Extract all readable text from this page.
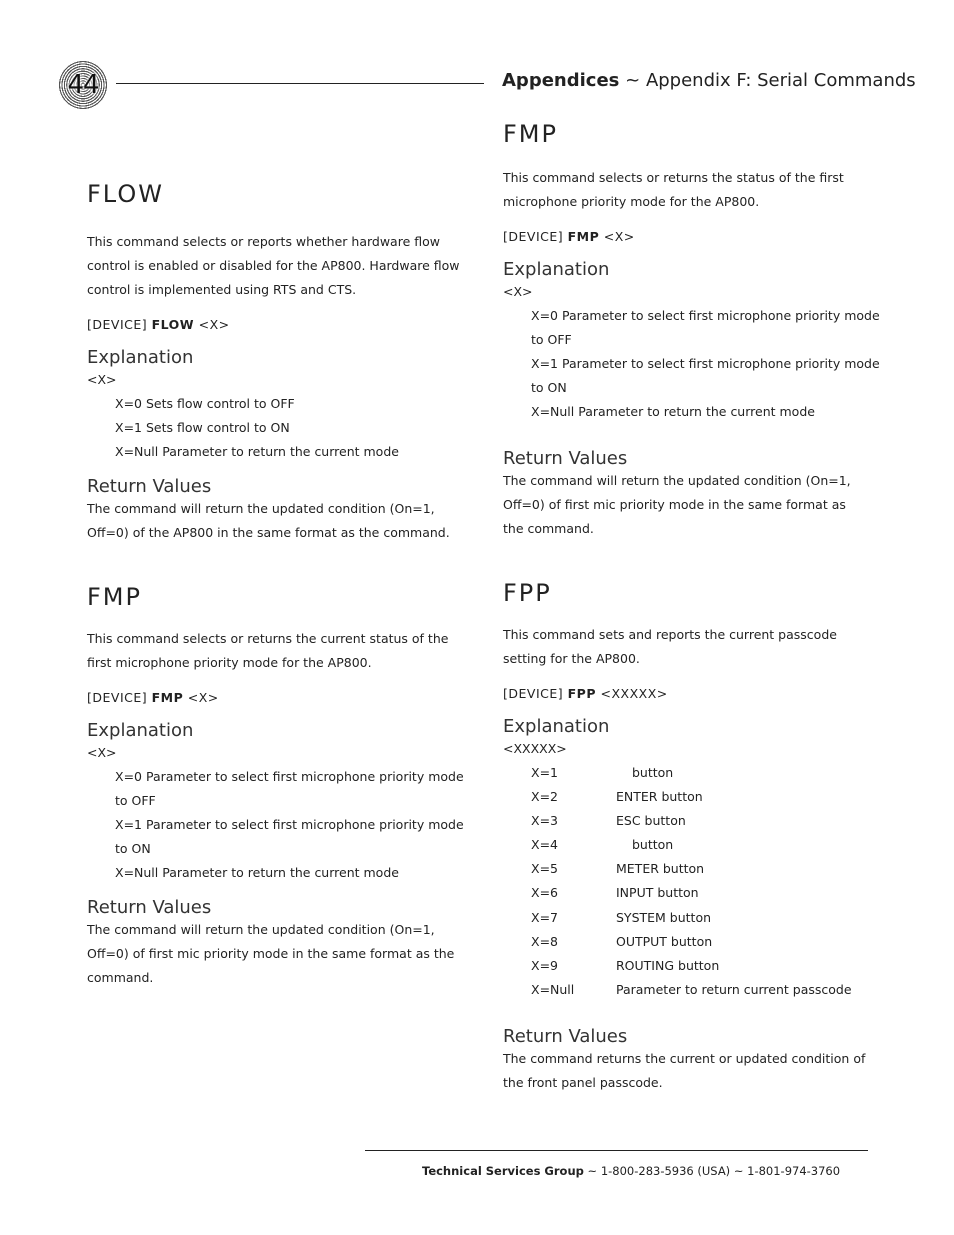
44	Appendices ~ Appendix F: Serial Commands
FLOW

This command selects or reports whether hardware flow control is enabled or disabled for the AP800. Hardware flow control is implemented using RTS and CTS.

[DEVICE] FLOW <X>

Explanation

<X>

X=0 Sets flow control to OFF

X=1 Sets flow control to ON

X=Null Parameter to return the current mode

Return Values

The command will return the updated condition (On=1, Off=0) of the AP800 in the same format as the command.

FMP

This command selects or returns the current status of the first microphone priority mode for the AP800.

[DEVICE] FMP <X>

Explanation

<X>

X=0 Parameter to select first microphone priority mode to OFF

X=1 Parameter to select first microphone priority mode to ON

X=Null Parameter to return the current mode

Return Values

The command will return the updated condition (On=1, Off=0) of first mic priority mode in the same format as the command.

FMP

This command selects or returns the status of the first microphone priority mode for the AP800.

[DEVICE] FMP <X>

Explanation

<X>

X=0 Parameter to select first microphone priority mode to OFF

X=1 Parameter to select first microphone priority mode to ON

X=Null Parameter to return the current mode

Return Values

The command will return the updated condition (On=1, Off=0) of first mic priority mode in the same format as the command.

FPP

This command sets and reports the current passcode setting for the AP800.

[DEVICE] FPP <XXXXX>

Explanation

<XXXXX>

X=1	button
X=2	ENTER button
X=3	ESC button
X=4	button
X=5	METER button
X=6	INPUT button
X=7	SYSTEM button
X=8	OUTPUT button
X=9	ROUTING button
X=Null	Parameter to return current passcode
Return Values

The command returns the current or updated condition of the front panel passcode.

Technical Services Group ~ 1-800-283-5936 (USA) ~ 1-801-974-3760
